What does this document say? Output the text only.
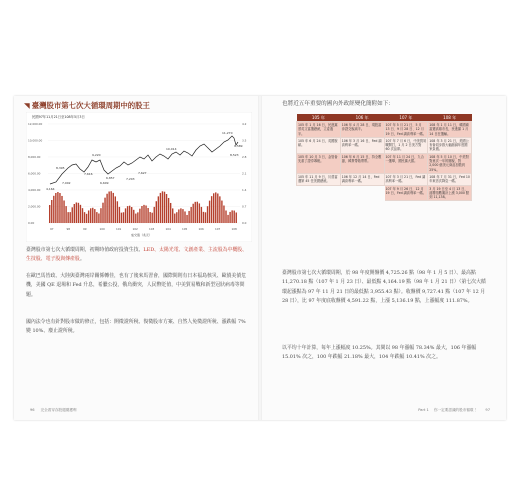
◥ 臺灣股市第七次大循環周期中的股王
民國97年11月21日至108年5月3日
12,000.00
10,000.00
8,000.00
6,000.00
4,000.00
2,000.00
0.00
4.2
3.5
2.8
2.1
1.4
0.7
0.0
11,270
10,014
9,220
8,395
7,002
7,616	7,627
7,203
6,609
6,857
9,589
8,523
4,164
成交值（兆元）
97	98	99	100	101	102	103	104	105	106	107	108
臺灣股市第七次大循環周期，初期時值政府投資生技、LED、太陽光電、文創產業、主流股為中概股、生技股、電子股與傳產股。
在歐巴馬皆政、大陸與臺灣兩岸關係轉佳，也有了後來馬習會，國際間則有日本福島核災、歐債美債危機，美國 QE 退場和 Fed 升息，希臘公投，俄烏衝突，人民幣貶值，中美貿易戰和新型冠狀病毒等問題。
國內法令也有針對股市做的修正，包括：開徵證所稅、復徵股市方案、自然人免徵證所稅、漲跌幅 7% 變 10%、廢止證所稅。
96 完全看穿存股週期獲利
也將近五年重要的國內外政經變化簡附如下：
105 年	106 年	107 年	108 年
105 年 1 月 16 日，民進黨蔡英文當選總統，立委過半。	106 年 4 月 28 日，現股當沖證交稅減半。	107 年 5 月 21 日、5 月 13 日、9 月 28 日、12 月 19 日，Fed 調高利率一碼。	108 年 1 月 11 日，韓國瑜當選高雄市長，民進黨 1 月 14 日狂選輸。
105 年 6 月 24 日，英國脫歐。	106 年 3 月 16 日，Fed 調高利率一碼。	107 年 7 月 6 日，中美貿易戰開打，1 月 2 日美方對 60 次品即。	108 年 3 月 21 日，美國公布會同步推大幅縮減年度國家負債。
105 年 10 月 3 日，金管會先重了證券導帳。	106 年 6 月 15 日，持全數據，韓貫帶箱帶帶。	107 年 11 月 24 日，九合一選舉，國民黨大勝。	108 年 5 月 10 日，中美對對意次一年的關稅，對 2,000 億美元商品加徵到 25%。
105 年 11 月 9 日，川普當選第 45 任美國總統。	106 年 12 月 14 日，Fed 調高利率一碼。	107 年 3 月 21 日，Fed 調高利率一碼。	108 年 7 月 31 日，Fed 10 年來首次降息一碼。
		107 年 9 月 26 日、12 月 19 日，Fed 調高利率一碼。	3 月 19 日至 4 月 13 日，道瓊指數累計上漲 3,000 點到 11,138。
臺灣股市第七次大循環周期，於 98 年度開盤價 4,725.26 點（98 年 1 月 5 日）、最高點 11,270.18 點（107 年 1 月 23 日）、最低點 4,164.19 點（98 年 1 月 21 日）（第七次大循環起漲點為 97 年 11 月 21 日的最低點 3,955.43 點）。收盤價 9,727.41 點（107 年 12 月 28 日），比 97 年度底收盤價 4,591.22 點，上漲 5,136.19 點，上漲幅度 111.87%。
以平均十年計算，每年上漲幅度 10.25%。其間以 98 年漲幅 78.34% 最大，106 年漲幅 15.01% 次之，100 年跌幅 21.18% 最大，104 年跌幅 10.41% 次之。
Part 1 你一定要認識的股市循環 ！ 97
